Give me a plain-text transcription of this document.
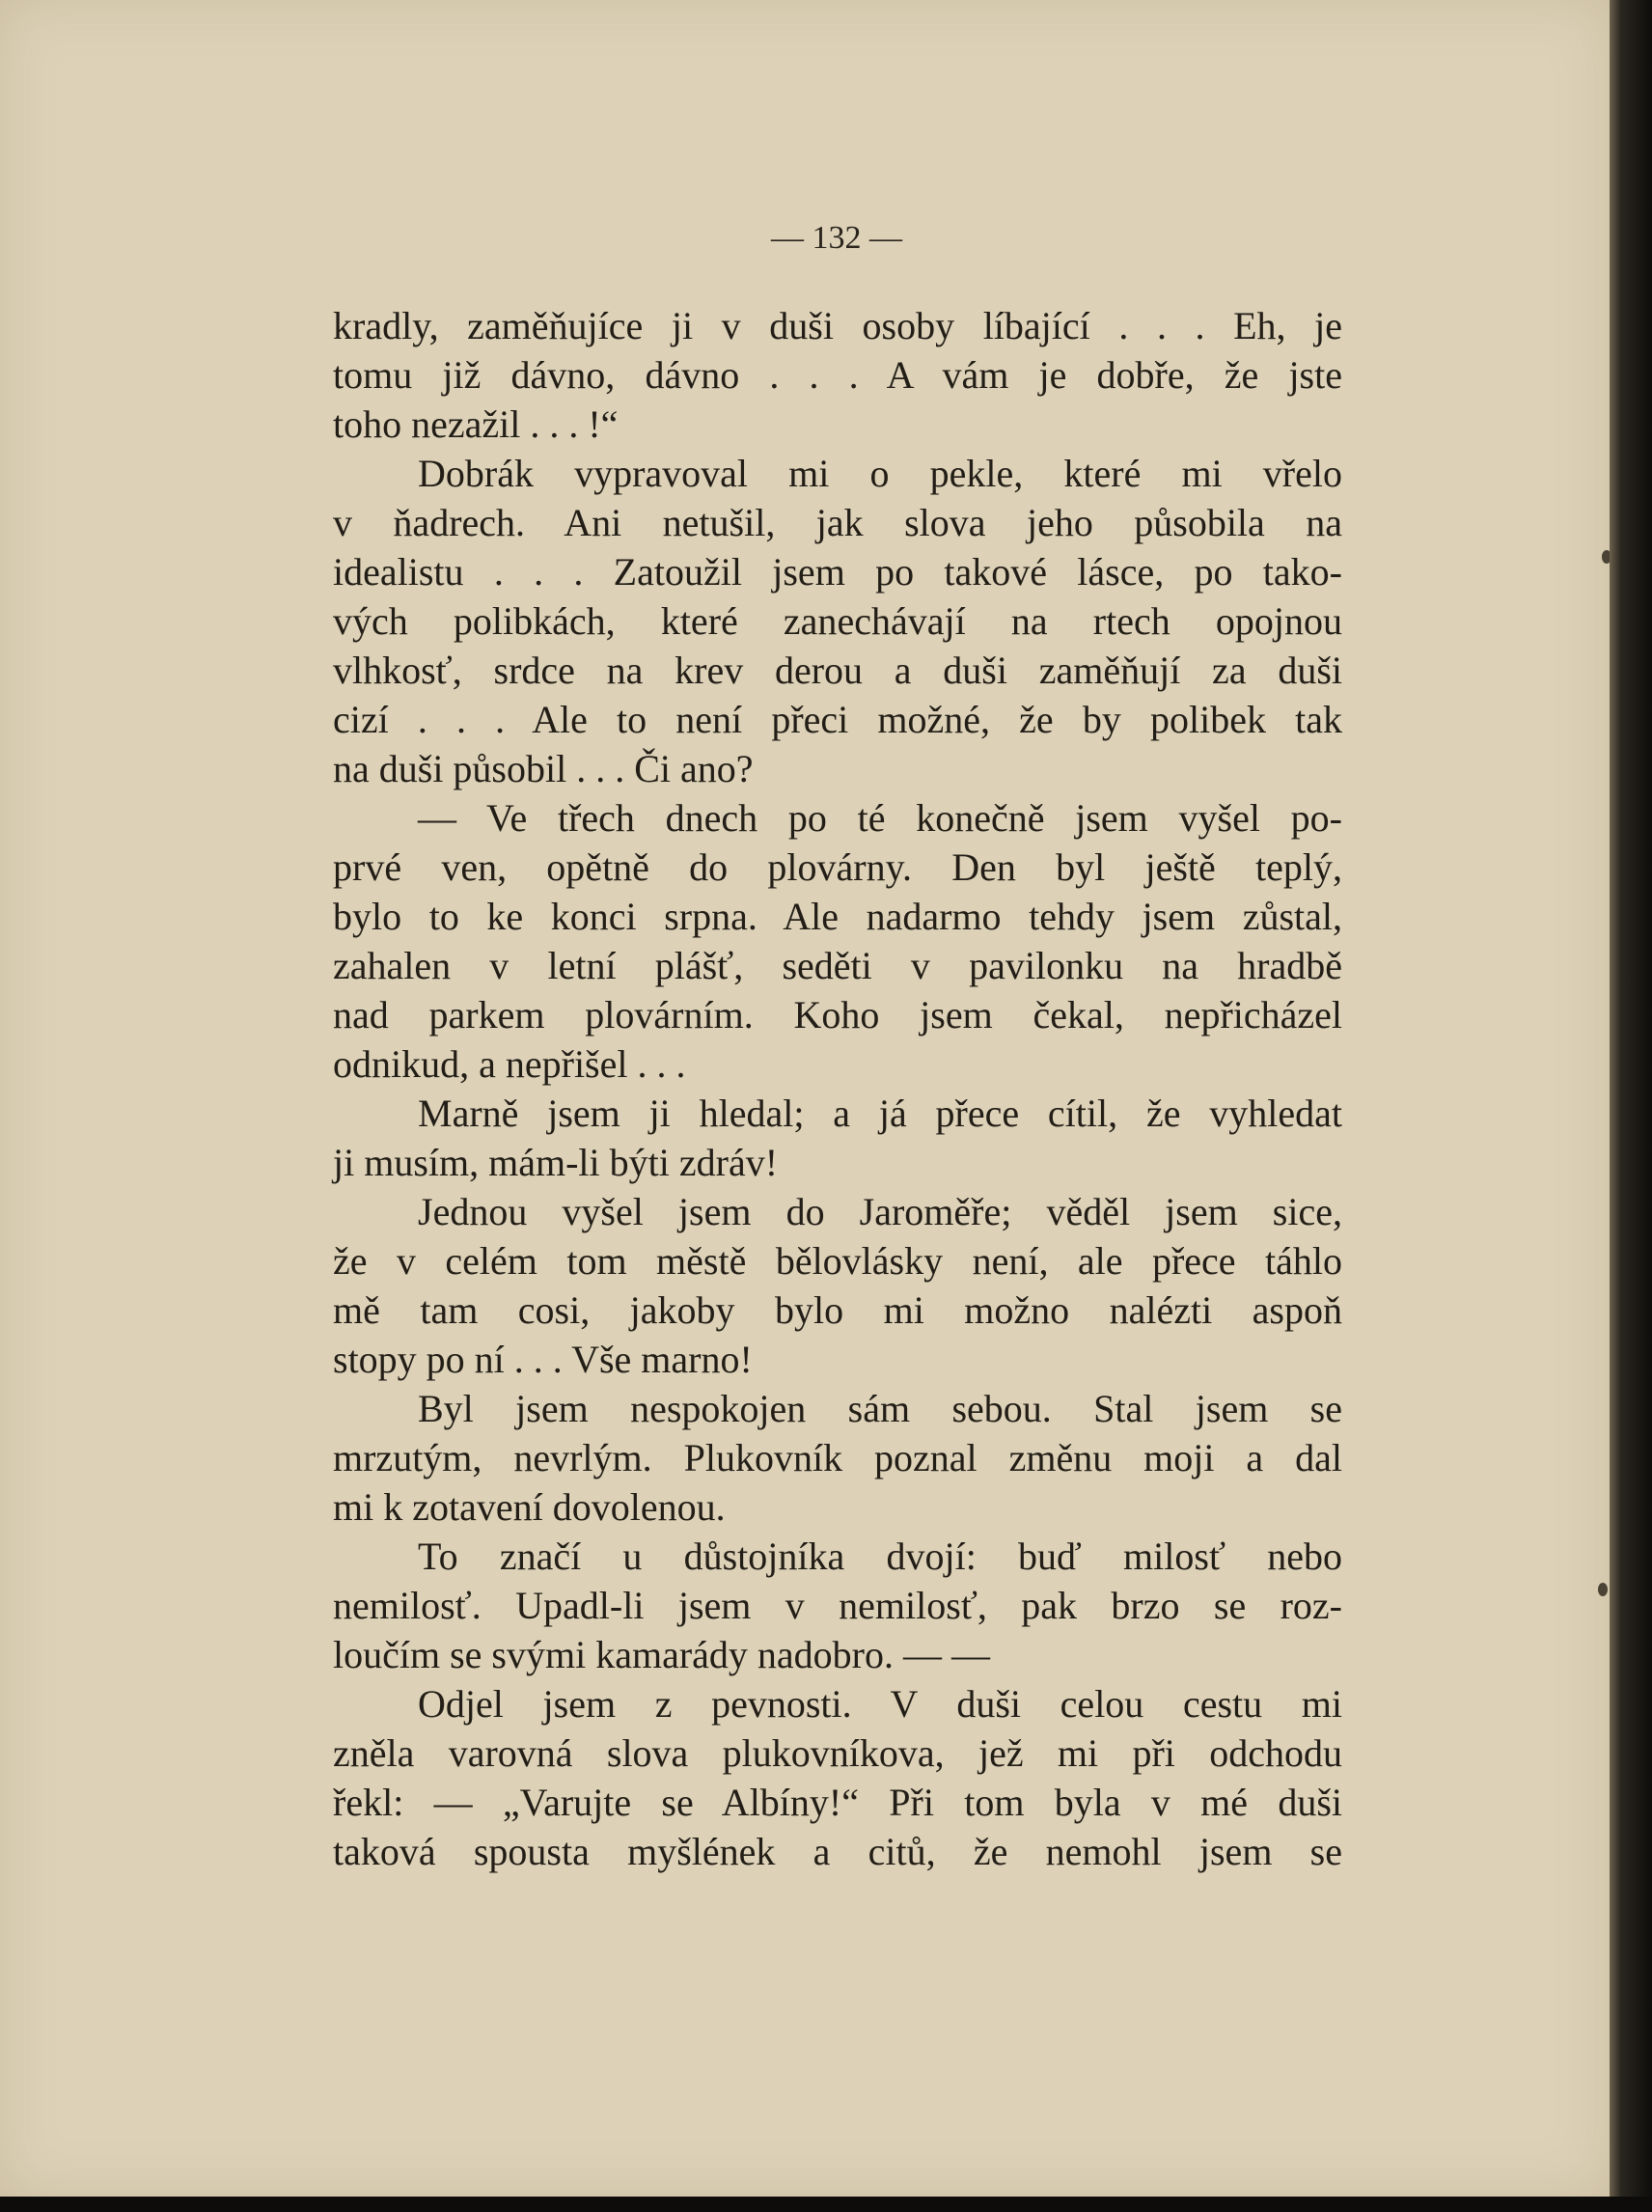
— 132 —
kradly, zaměňujíce ji v duši osoby líbající . . . Eh, je
tomu již dávno, dávno . . . A vám je dobře, že jste
toho nezažil . . . !“
Dobrák vypravoval mi o pekle, které mi vřelo
v ňadrech. Ani netušil, jak slova jeho působila na
idealistu . . . Zatoužil jsem po takové lásce, po tako-
vých polibkách, které zanechávají na rtech opojnou
vlhkosť, srdce na krev derou a duši zaměňují za duši
cizí . . . Ale to není přeci možné, že by polibek tak
na duši působil . . . Či ano?
— Ve třech dnech po té konečně jsem vyšel po-
prvé ven, opětně do plovárny. Den byl ještě teplý,
bylo to ke konci srpna. Ale nadarmo tehdy jsem zůstal,
zahalen v letní plášť, seděti v pavilonku na hradbě
nad parkem plovárním. Koho jsem čekal, nepřicházel
odnikud, a nepřišel . . .
Marně jsem ji hledal; a já přece cítil, že vyhledat
ji musím, mám-li býti zdráv!
Jednou vyšel jsem do Jaroměře; věděl jsem sice,
že v celém tom městě bělovlásky není, ale přece táhlo
mě tam cosi, jakoby bylo mi možno nalézti aspoň
stopy po ní . . . Vše marno!
Byl jsem nespokojen sám sebou. Stal jsem se
mrzutým, nevrlým. Plukovník poznal změnu moji a dal
mi k zotavení dovolenou.
To značí u důstojníka dvojí: buď milosť nebo
nemilosť. Upadl-li jsem v nemilosť, pak brzo se roz-
loučím se svými kamarády nadobro. — —
Odjel jsem z pevnosti. V duši celou cestu mi
zněla varovná slova plukovníkova, jež mi při odchodu
řekl: — „Varujte se Albíny!“ Při tom byla v mé duši
taková spousta myšlének a citů, že nemohl jsem se
